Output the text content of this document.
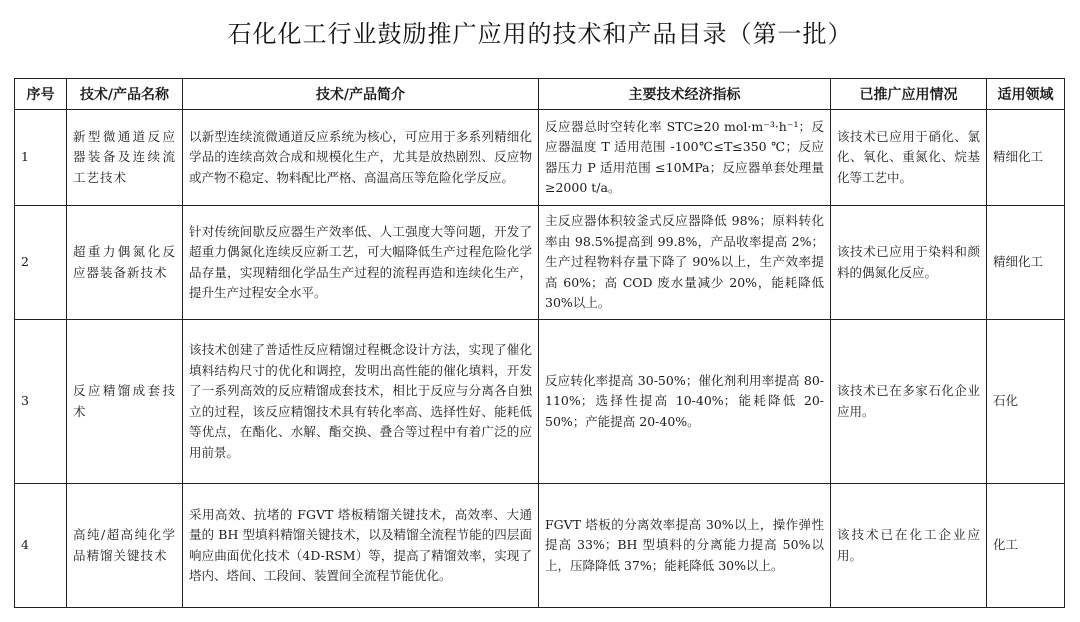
石化化工行业鼓励推广应用的技术和产品目录（第一批）
序号	技术/产品名称	技术/产品简介	主要技术经济指标	已推广应用情况	适用领域
1	新型微通道反应器装备及连续流工艺技术	以新型连续流微通道反应系统为核心，可应用于多系列精细化学品的连续高效合成和规模化生产，尤其是放热剧烈、反应物或产物不稳定、物料配比严格、高温高压等危险化学反应。	反应器总时空转化率 STC≥20 mol·m⁻³·h⁻¹；反应器温度 T 适用范围 -100℃≤T≤350 ℃；反应器压力 P 适用范围 ≤10MPa；反应器单套处理量≥2000 t/a。	该技术已应用于硝化、氯化、氧化、重氮化、烷基化等工艺中。	精细化工
2	超重力偶氮化反应器装备新技术	针对传统间歇反应器生产效率低、人工强度大等问题，开发了超重力偶氮化连续反应新工艺，可大幅降低生产过程危险化学品存量，实现精细化学品生产过程的流程再造和连续化生产，提升生产过程安全水平。	主反应器体积较釜式反应器降低 98%；原料转化率由 98.5%提高到 99.8%，产品收率提高 2%；生产过程物料存量下降了 90%以上，生产效率提高 60%；高 COD 废水量减少 20%，能耗降低 30%以上。	该技术已应用于染料和颜料的偶氮化反应。	精细化工
3	反应精馏成套技术	该技术创建了普适性反应精馏过程概念设计方法，实现了催化填料结构尺寸的优化和调控，发明出高性能的催化填料，开发了一系列高效的反应精馏成套技术，相比于反应与分离各自独立的过程，该反应精馏技术具有转化率高、选择性好、能耗低等优点，在酯化、水解、酯交换、叠合等过程中有着广泛的应用前景。	反应转化率提高 30-50%；催化剂利用率提高 80-110%；选择性提高 10-40%；能耗降低 20-50%；产能提高 20-40%。	该技术已在多家石化企业应用。	石化
4	高纯/超高纯化学品精馏关键技术	采用高效、抗堵的 FGVT 塔板精馏关键技术，高效率、大通量的 BH 型填料精馏关键技术，以及精馏全流程节能的四层面响应曲面优化技术（4D-RSM）等，提高了精馏效率，实现了塔内、塔间、工段间、装置间全流程节能优化。	FGVT 塔板的分离效率提高 30%以上，操作弹性提高 33%；BH 型填料的分离能力提高 50%以上，压降降低 37%；能耗降低 30%以上。	该技术已在化工企业应用。	化工
